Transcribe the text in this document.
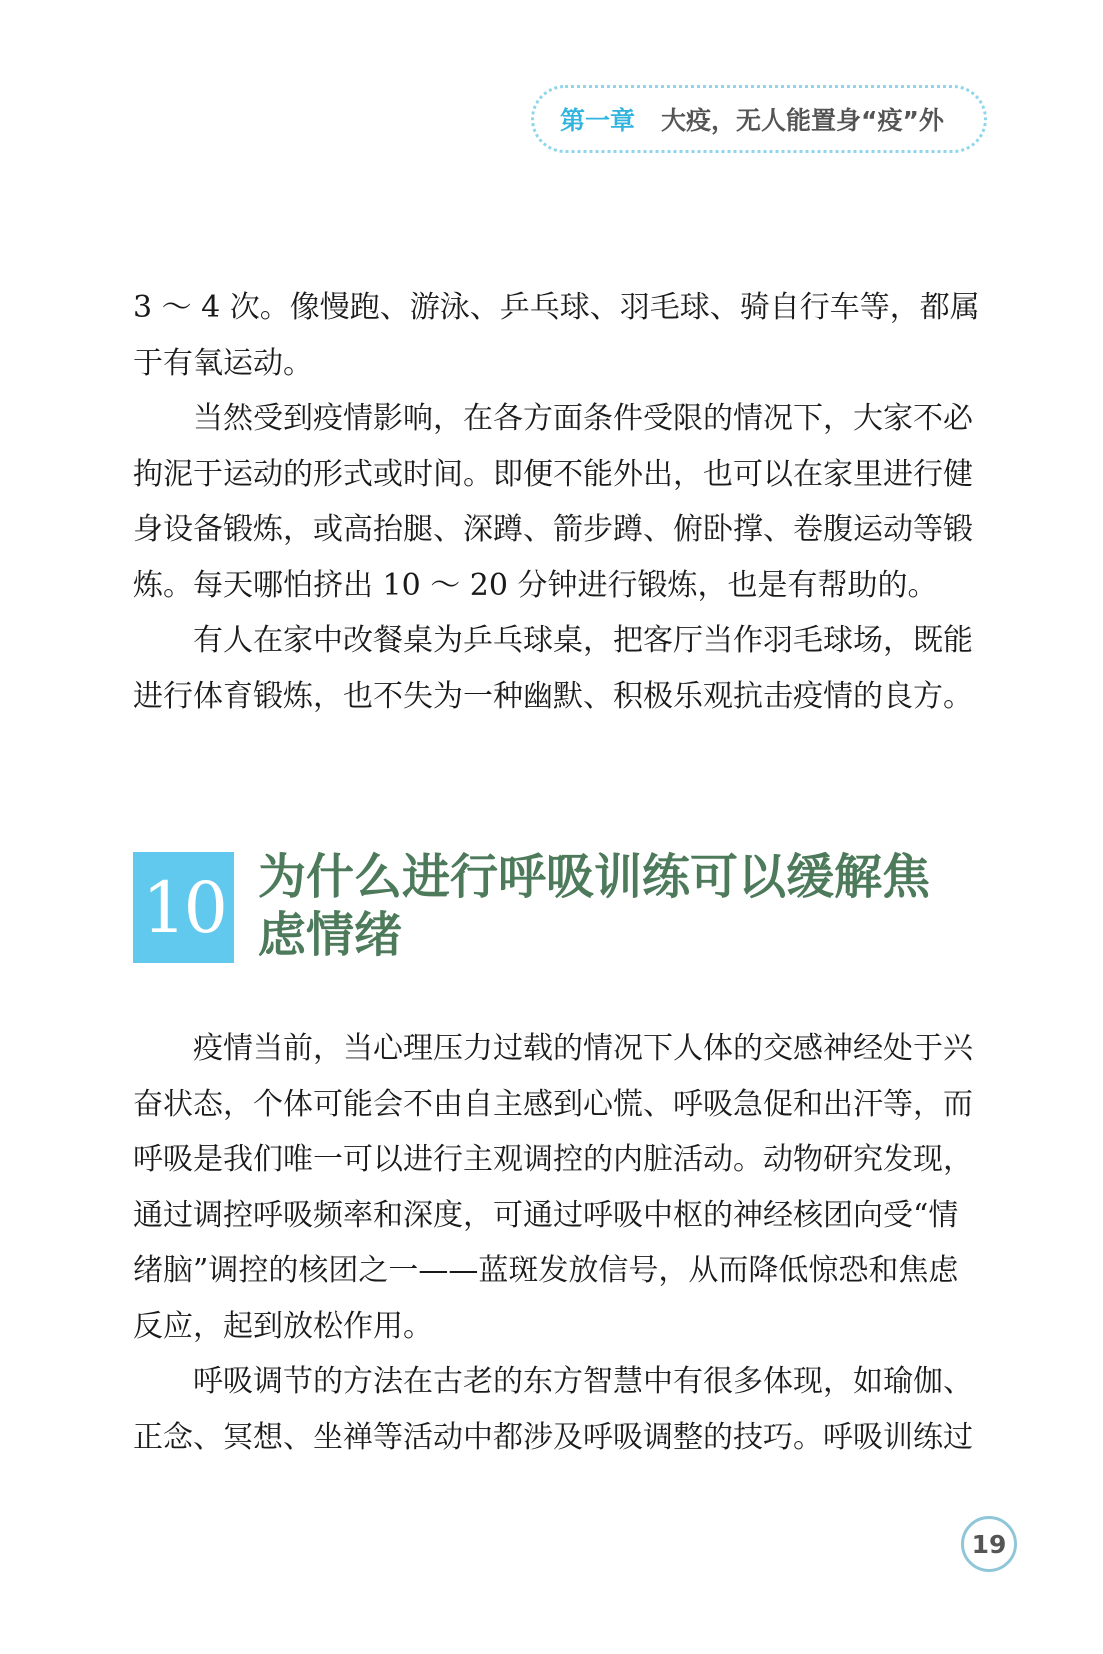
第一章 大疫，无人能置身“疫”外

3 ～ 4 次。像慢跑、游泳、乒乓球、羽毛球、骑自行车等，都属
于有氧运动。

　　当然受到疫情影响，在各方面条件受限的情况下，大家不必
拘泥于运动的形式或时间。即便不能外出，也可以在家里进行健
身设备锻炼，或高抬腿、深蹲、箭步蹲、俯卧撑、卷腹运动等锻
炼。每天哪怕挤出 10 ～ 20 分钟进行锻炼，也是有帮助的。

　　有人在家中改餐桌为乒乓球桌，把客厅当作羽毛球场，既能
进行体育锻炼，也不失为一种幽默、积极乐观抗击疫情的良方。

10 为什么进行呼吸训练可以缓解焦
虑情绪

　　疫情当前，当心理压力过载的情况下人体的交感神经处于兴
奋状态，个体可能会不由自主感到心慌、呼吸急促和出汗等，而
呼吸是我们唯一可以进行主观调控的内脏活动。动物研究发现，
通过调控呼吸频率和深度，可通过呼吸中枢的神经核团向受“情
绪脑”调控的核团之一——蓝斑发放信号，从而降低惊恐和焦虑
反应，起到放松作用。

　　呼吸调节的方法在古老的东方智慧中有很多体现，如瑜伽、
正念、冥想、坐禅等活动中都涉及呼吸调整的技巧。呼吸训练过

19
